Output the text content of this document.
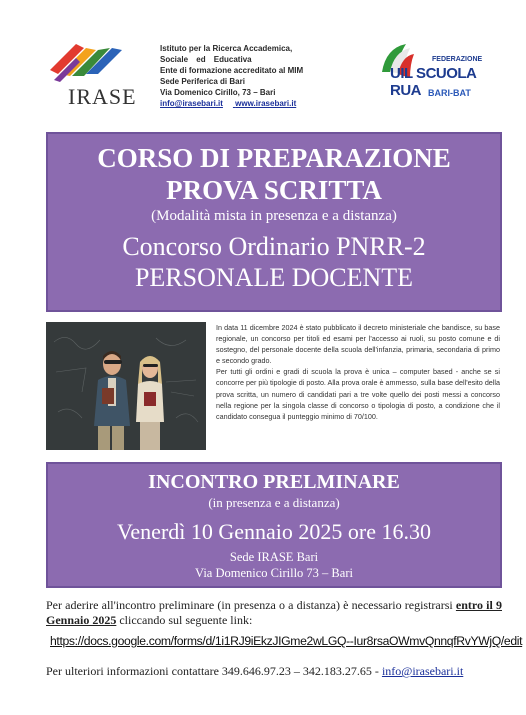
IRASE
Istituto per la Ricerca Accademica,
Sociale ed Educativa
Ente di formazione accreditato al MIM
Sede Periferica di Bari
Via Domenico Cirillo, 73 – Bari
info@irasebari.it www.irasebari.it
FEDERAZIONE
UIL SCUOLA RUA BARI-BAT
CORSO DI PREPARAZIONE
PROVA SCRITTA
(Modalità mista in presenza e a distanza)
Concorso Ordinario PNRR-2
PERSONALE DOCENTE

In data 11 dicembre 2024 è stato pubblicato il decreto ministeriale che bandisce, su base regionale, un concorso per titoli ed esami per l'accesso ai ruoli, su posto comune e di sostegno, del personale docente della scuola dell'infanzia, primaria, secondaria di primo e secondo grado.

Per tutti gli ordini e gradi di scuola la prova è unica – computer based - anche se si concorre per più tipologie di posto. Alla prova orale è ammesso, sulla base dell'esito della prova scritta, un numero di candidati pari a tre volte quello dei posti messi a concorso nella regione per la singola classe di concorso o tipologia di posto, a condizione che il candidato consegua il punteggio minimo di 70/100.

INCONTRO PRELMINARE
(in presenza e a distanza)
Venerdì 10 Gennaio 2025 ore 16.30
Sede IRASE Bari
Via Domenico Cirillo 73 – Bari
Per aderire all'incontro preliminare (in presenza o a distanza) è necessario registrarsi entro il 9 Gennaio 2025 cliccando sul seguente link:
https://docs.google.com/forms/d/1i1RJ9iEkzJIGme2wLGQ--Iur8rsaOWmvQnnqfRvYWjQ/edit
Per ulteriori informazioni contattare 349.646.97.23 – 342.183.27.65 - info@irasebari.it
